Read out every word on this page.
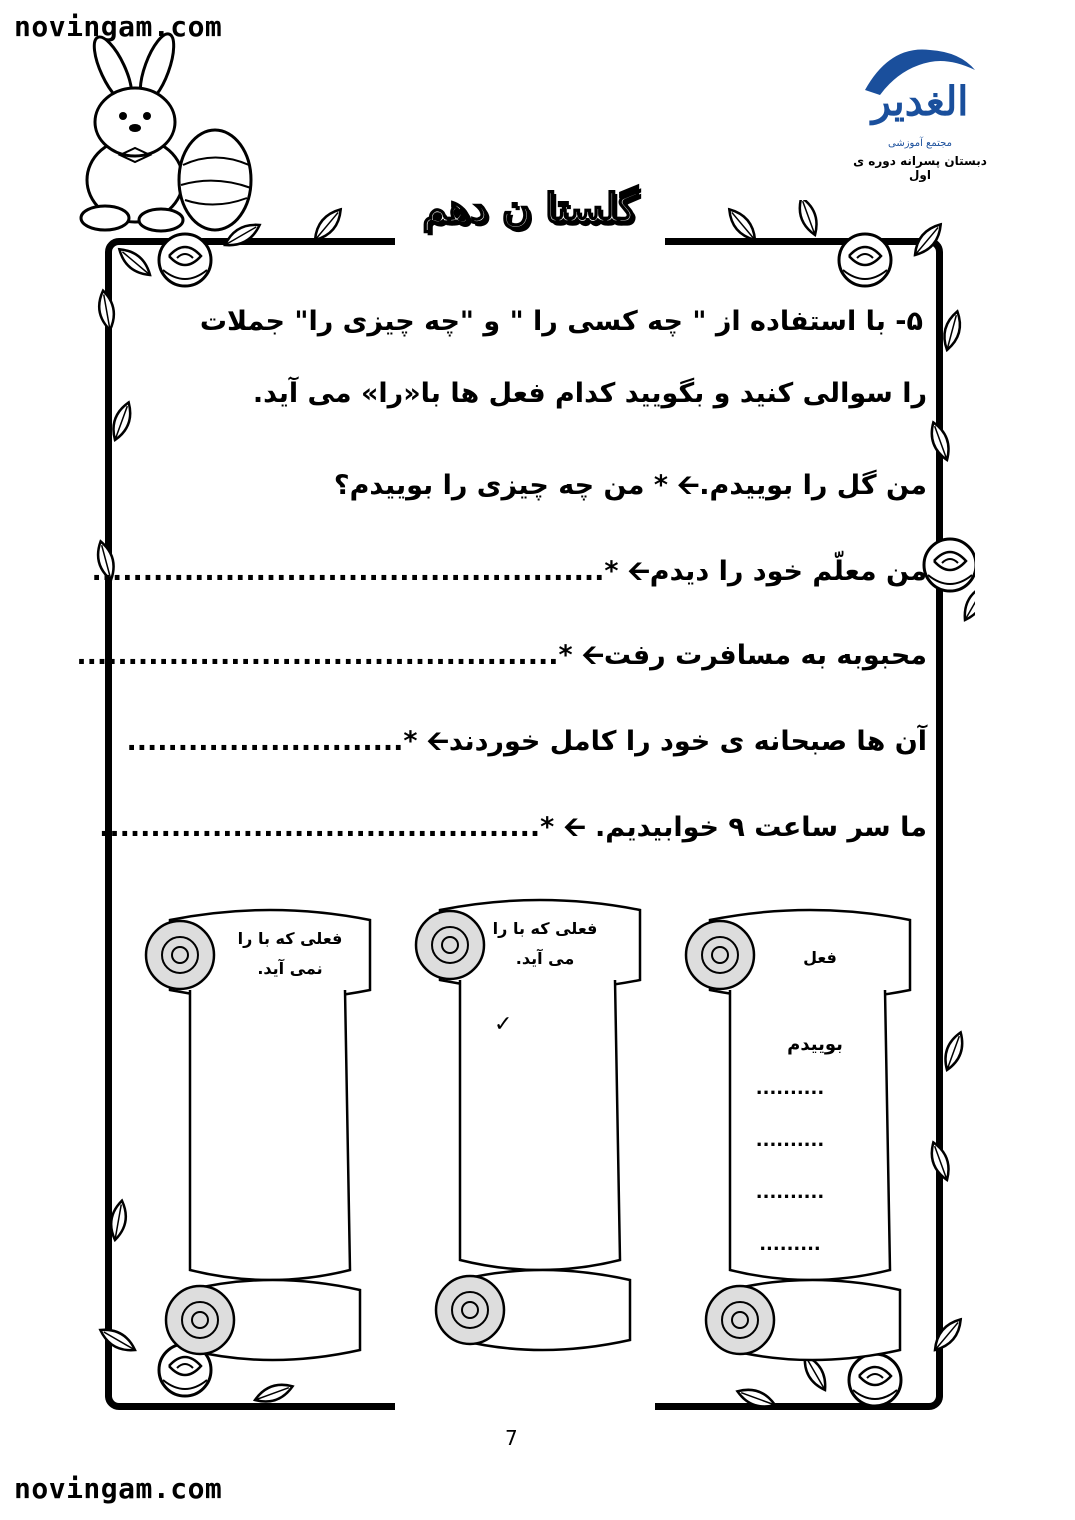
novingam.com
novingam.com
الغدیر
مجتمع آموزشی
دبستان پسرانه دوره ی اول
گلستا ن دهم
۵- با استفاده از " چه کسی را " و "چه چیزی را" جملات
را سوالی کنید و بگویید کدام فعل ها با«را» می آید.
من گل را بوییدم.🡨 * من چه چیزی را بوییدم؟
من معلّم خود را دیدم🡨 *..................................................
محبوبه به مسافرت رفت🡨 *...............................................
آن ها صبحانه ی خود را کامل خوردند🡨 *...........................
ما سر ساعت ۹ خوابیدیم. 🡨 *...........................................
فعل
بوییدم
..........
..........
..........
.........
فعلی که با را
می آید.
✓
فعلی که با را
نمی آید.
7
